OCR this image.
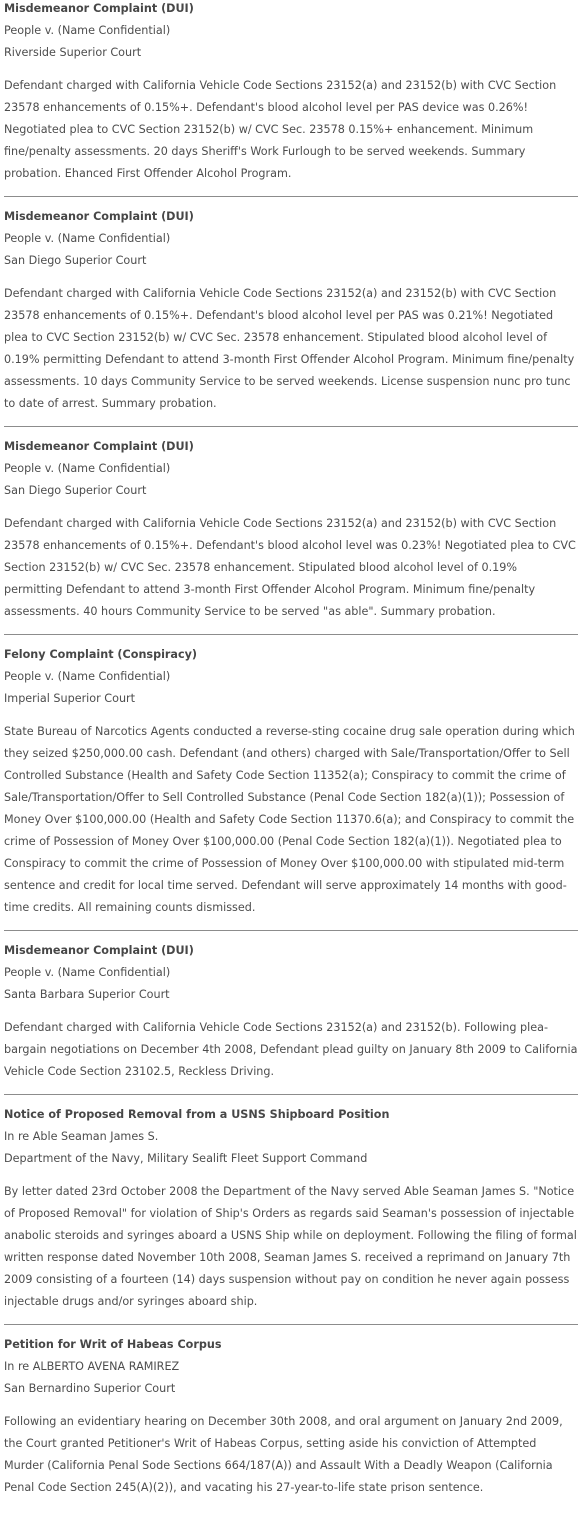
Misdemeanor Complaint (DUI)
People v. (Name Confidential)
Riverside Superior Court
Defendant charged with California Vehicle Code Sections 23152(a) and 23152(b) with CVC Section 23578 enhancements of 0.15%+. Defendant's blood alcohol level per PAS device was 0.26%! Negotiated plea to CVC Section 23152(b) w/ CVC Sec. 23578 0.15%+ enhancement. Minimum fine/penalty assessments. 20 days Sheriff's Work Furlough to be served weekends. Summary probation. Ehanced First Offender Alcohol Program.
Misdemeanor Complaint (DUI)
People v. (Name Confidential)
San Diego Superior Court
Defendant charged with California Vehicle Code Sections 23152(a) and 23152(b) with CVC Section 23578 enhancements of 0.15%+. Defendant's blood alcohol level per PAS was 0.21%! Negotiated plea to CVC Section 23152(b) w/ CVC Sec. 23578 enhancement. Stipulated blood alcohol level of 0.19% permitting Defendant to attend 3-month First Offender Alcohol Program. Minimum fine/penalty assessments. 10 days Community Service to be served weekends. License suspension nunc pro tunc to date of arrest. Summary probation.
Misdemeanor Complaint (DUI)
People v. (Name Confidential)
San Diego Superior Court
Defendant charged with California Vehicle Code Sections 23152(a) and 23152(b) with CVC Section 23578 enhancements of 0.15%+. Defendant's blood alcohol level was 0.23%! Negotiated plea to CVC Section 23152(b) w/ CVC Sec. 23578 enhancement. Stipulated blood alcohol level of 0.19% permitting Defendant to attend 3-month First Offender Alcohol Program. Minimum fine/penalty assessments. 40 hours Community Service to be served "as able". Summary probation.
Felony Complaint (Conspiracy)
People v. (Name Confidential)
Imperial Superior Court
State Bureau of Narcotics Agents conducted a reverse-sting cocaine drug sale operation during which they seized $250,000.00 cash. Defendant (and others) charged with Sale/Transportation/Offer to Sell Controlled Substance (Health and Safety Code Section 11352(a); Conspiracy to commit the crime of Sale/Transportation/Offer to Sell Controlled Substance (Penal Code Section 182(a)(1)); Possession of Money Over $100,000.00 (Health and Safety Code Section 11370.6(a); and Conspiracy to commit the crime of Possession of Money Over $100,000.00 (Penal Code Section 182(a)(1)). Negotiated plea to Conspiracy to commit the crime of Possession of Money Over $100,000.00 with stipulated mid-term sentence and credit for local time served. Defendant will serve approximately 14 months with good-time credits. All remaining counts dismissed.
Misdemeanor Complaint (DUI)
People v. (Name Confidential)
Santa Barbara Superior Court
Defendant charged with California Vehicle Code Sections 23152(a) and 23152(b). Following plea-bargain negotiations on December 4th 2008, Defendant plead guilty on January 8th 2009 to California Vehicle Code Section 23102.5, Reckless Driving.
Notice of Proposed Removal from a USNS Shipboard Position
In re Able Seaman James S.
Department of the Navy, Military Sealift Fleet Support Command
By letter dated 23rd October 2008 the Department of the Navy served Able Seaman James S. "Notice of Proposed Removal" for violation of Ship's Orders as regards said Seaman's possession of injectable anabolic steroids and syringes aboard a USNS Ship while on deployment. Following the filing of formal written response dated November 10th 2008, Seaman James S. received a reprimand on January 7th 2009 consisting of a fourteen (14) days suspension without pay on condition he never again possess injectable drugs and/or syringes aboard ship.
Petition for Writ of Habeas Corpus
In re ALBERTO AVENA RAMIREZ
San Bernardino Superior Court
Following an evidentiary hearing on December 30th 2008, and oral argument on January 2nd 2009, the Court granted Petitioner's Writ of Habeas Corpus, setting aside his conviction of Attempted Murder (California Penal Sode Sections 664/187(A)) and Assault With a Deadly Weapon (California Penal Code Section 245(A)(2)), and vacating his 27-year-to-life state prison sentence.
